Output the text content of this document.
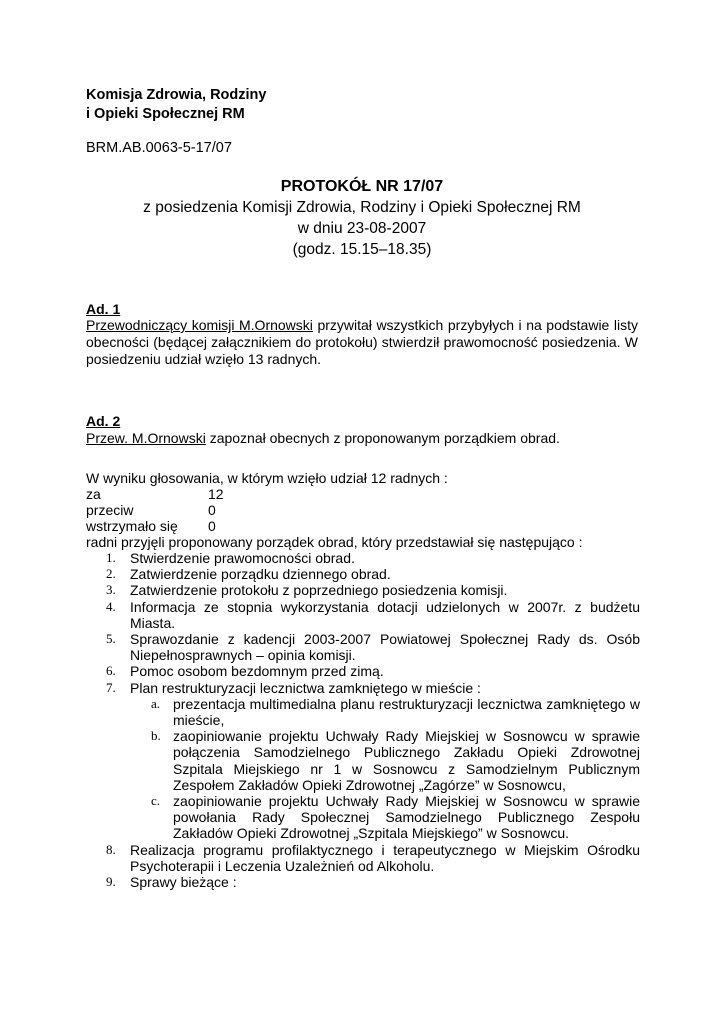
Komisja Zdrowia, Rodziny
i Opieki Społecznej RM
BRM.AB.0063-5-17/07
PROTOKÓŁ NR 17/07
z posiedzenia Komisji Zdrowia, Rodziny i Opieki Społecznej RM
w dniu 23-08-2007
(godz. 15.15–18.35)
Ad. 1
Przewodniczący komisji M.Ornowski przywitał wszystkich przybyłych i na podstawie listy obecności (będącej załącznikiem do protokołu) stwierdził prawomocność posiedzenia. W posiedzeniu udział wzięło 13 radnych.
Ad. 2
Przew. M.Ornowski zapoznał obecnych z proponowanym porządkiem obrad.
W wyniku głosowania, w którym wzięło udział 12 radnych :
za	12
przeciw	0
wstrzymało się 0
radni przyjęli proponowany porządek obrad, który przedstawiał się następująco :
1. Stwierdzenie prawomocności obrad.
2. Zatwierdzenie porządku dziennego obrad.
3. Zatwierdzenie protokołu z poprzedniego posiedzenia komisji.
4. Informacja ze stopnia wykorzystania dotacji udzielonych w 2007r. z budżetu Miasta.
5. Sprawozdanie z kadencji 2003-2007 Powiatowej Społecznej Rady ds. Osób Niepełnosprawnych – opinia komisji.
6. Pomoc osobom bezdomnym przed zimą.
7. Plan restrukturyzacji lecznictwa zamkniętego w mieście :
a. prezentacja multimedialna planu restrukturyzacji lecznictwa zamkniętego w mieście,
b. zaopiniowanie projektu Uchwały Rady Miejskiej w Sosnowcu w sprawie połączenia Samodzielnego Publicznego Zakładu Opieki Zdrowotnej Szpitala Miejskiego nr 1 w Sosnowcu z Samodzielnym Publicznym Zespołem Zakładów Opieki Zdrowotnej „Zagórze” w Sosnowcu,
c. zaopiniowanie projektu Uchwały Rady Miejskiej w Sosnowcu w sprawie powołania Rady Społecznej Samodzielnego Publicznego Zespołu Zakładów Opieki Zdrowotnej „Szpitala Miejskiego” w Sosnowcu.
8. Realizacja programu profilaktycznego i terapeutycznego w Miejskim Ośrodku Psychoterapii i Leczenia Uzależnień od Alkoholu.
9. Sprawy bieżące :
